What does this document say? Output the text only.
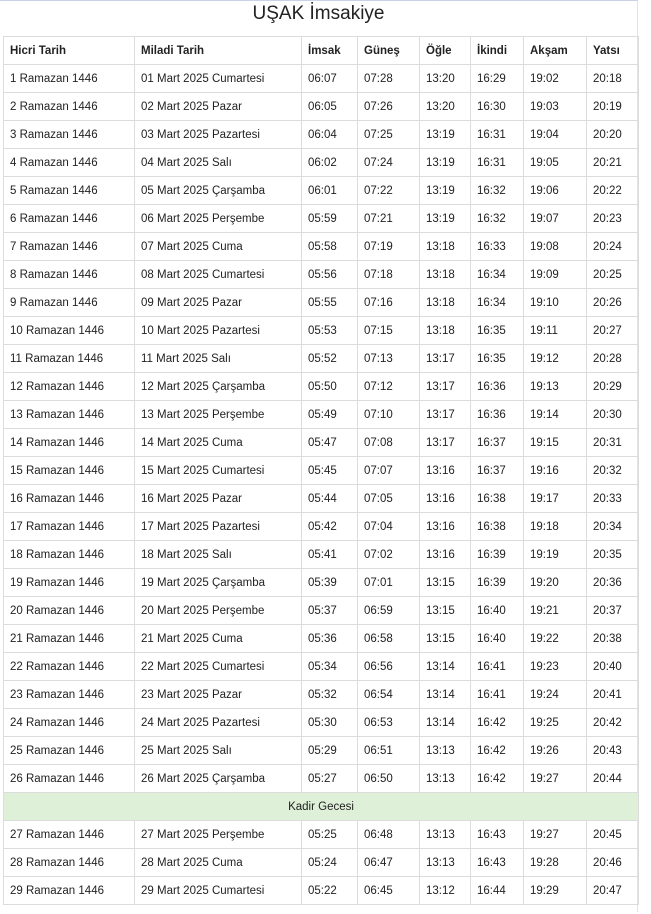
UŞAK İmsakiye
Hicri Tarih	Miladi Tarih	İmsak	Güneş	Öğle	İkindi	Akşam	Yatsı
1 Ramazan 1446	01 Mart 2025 Cumartesi	06:07	07:28	13:20	16:29	19:02	20:18
2 Ramazan 1446	02 Mart 2025 Pazar	06:05	07:26	13:20	16:30	19:03	20:19
3 Ramazan 1446	03 Mart 2025 Pazartesi	06:04	07:25	13:19	16:31	19:04	20:20
4 Ramazan 1446	04 Mart 2025 Salı	06:02	07:24	13:19	16:31	19:05	20:21
5 Ramazan 1446	05 Mart 2025 Çarşamba	06:01	07:22	13:19	16:32	19:06	20:22
6 Ramazan 1446	06 Mart 2025 Perşembe	05:59	07:21	13:19	16:32	19:07	20:23
7 Ramazan 1446	07 Mart 2025 Cuma	05:58	07:19	13:18	16:33	19:08	20:24
8 Ramazan 1446	08 Mart 2025 Cumartesi	05:56	07:18	13:18	16:34	19:09	20:25
9 Ramazan 1446	09 Mart 2025 Pazar	05:55	07:16	13:18	16:34	19:10	20:26
10 Ramazan 1446	10 Mart 2025 Pazartesi	05:53	07:15	13:18	16:35	19:11	20:27
11 Ramazan 1446	11 Mart 2025 Salı	05:52	07:13	13:17	16:35	19:12	20:28
12 Ramazan 1446	12 Mart 2025 Çarşamba	05:50	07:12	13:17	16:36	19:13	20:29
13 Ramazan 1446	13 Mart 2025 Perşembe	05:49	07:10	13:17	16:36	19:14	20:30
14 Ramazan 1446	14 Mart 2025 Cuma	05:47	07:08	13:17	16:37	19:15	20:31
15 Ramazan 1446	15 Mart 2025 Cumartesi	05:45	07:07	13:16	16:37	19:16	20:32
16 Ramazan 1446	16 Mart 2025 Pazar	05:44	07:05	13:16	16:38	19:17	20:33
17 Ramazan 1446	17 Mart 2025 Pazartesi	05:42	07:04	13:16	16:38	19:18	20:34
18 Ramazan 1446	18 Mart 2025 Salı	05:41	07:02	13:16	16:39	19:19	20:35
19 Ramazan 1446	19 Mart 2025 Çarşamba	05:39	07:01	13:15	16:39	19:20	20:36
20 Ramazan 1446	20 Mart 2025 Perşembe	05:37	06:59	13:15	16:40	19:21	20:37
21 Ramazan 1446	21 Mart 2025 Cuma	05:36	06:58	13:15	16:40	19:22	20:38
22 Ramazan 1446	22 Mart 2025 Cumartesi	05:34	06:56	13:14	16:41	19:23	20:40
23 Ramazan 1446	23 Mart 2025 Pazar	05:32	06:54	13:14	16:41	19:24	20:41
24 Ramazan 1446	24 Mart 2025 Pazartesi	05:30	06:53	13:14	16:42	19:25	20:42
25 Ramazan 1446	25 Mart 2025 Salı	05:29	06:51	13:13	16:42	19:26	20:43
26 Ramazan 1446	26 Mart 2025 Çarşamba	05:27	06:50	13:13	16:42	19:27	20:44
Kadir Gecesi							
27 Ramazan 1446	27 Mart 2025 Perşembe	05:25	06:48	13:13	16:43	19:27	20:45
28 Ramazan 1446	28 Mart 2025 Cuma	05:24	06:47	13:13	16:43	19:28	20:46
29 Ramazan 1446	29 Mart 2025 Cumartesi	05:22	06:45	13:12	16:44	19:29	20:47
